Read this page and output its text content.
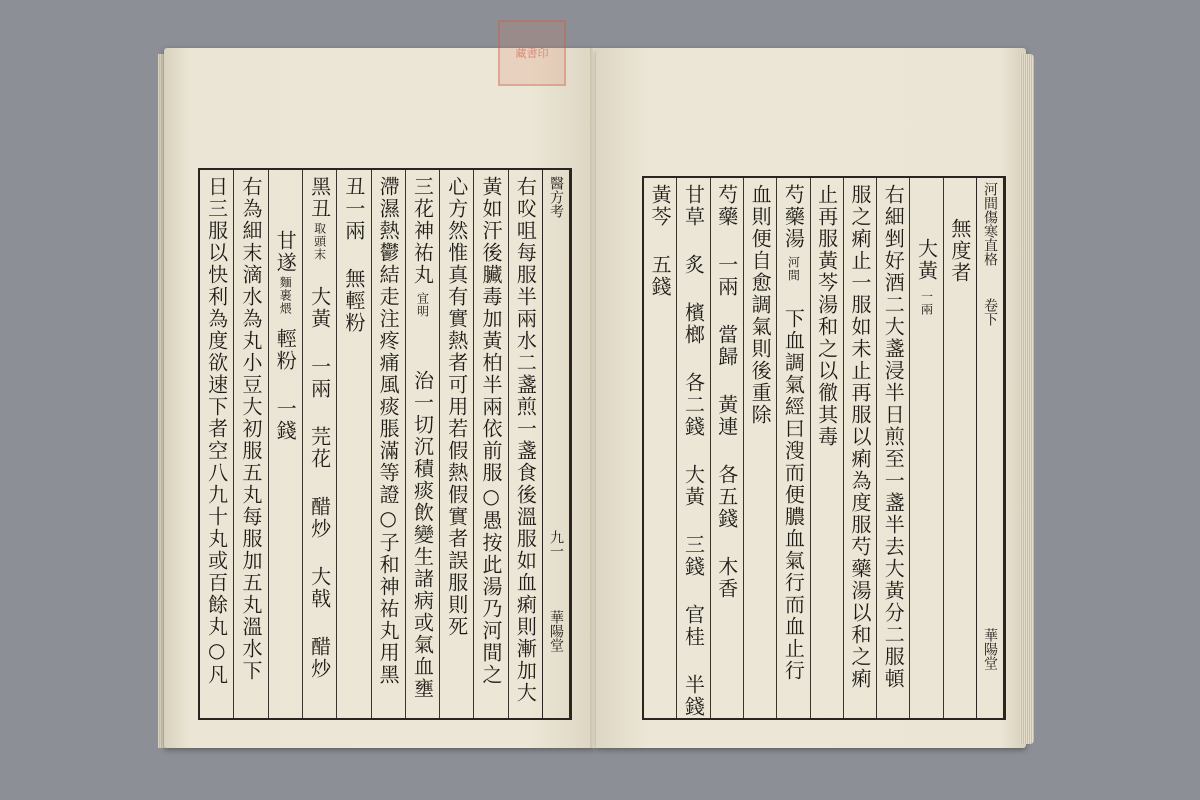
醫方考
九一
華陽堂
右㕮咀每服半兩水二盞煎一盞食後溫服如血痢則漸加大
黃如汗後臟毒加黃柏半兩依前服○愚按此湯乃河間之
心方然惟真有實熱者可用若假熱假實者誤服則死
三花神祐丸
宜明
治一切沉積痰飲變生諸病或氣血壅
滯濕熱鬱結走注疼痛風痰脹滿等證○子和神祐丸用黑
丑一兩 無輕粉
黑丑
取頭末
大黃 一兩 芫花 醋炒 大戟 醋炒
甘遂
麵裹煨
輕粉 一錢
右為細末滴水為丸小豆大初服五丸每服加五丸溫水下
日三服以快利為度欲速下者空八九十丸或百餘丸○凡
藏書印
河間傷寒直格
卷下
華陽堂
無度者
大黃
一兩
右細剉好酒二大盞浸半日煎至一盞半去大黃分二服頓
服之痢止一服如未止再服以痢為度服芍藥湯以和之痢
止再服黃芩湯和之以徹其毒
芍藥湯
河間
下血調氣經曰溲而便膿血氣行而血止行
血則便自愈調氣則後重除
芍藥 一兩 當歸 黃連 各五錢 木香
甘草 炙 檳榔 各二錢 大黃 三錢 官桂 半錢
黃芩 五錢
